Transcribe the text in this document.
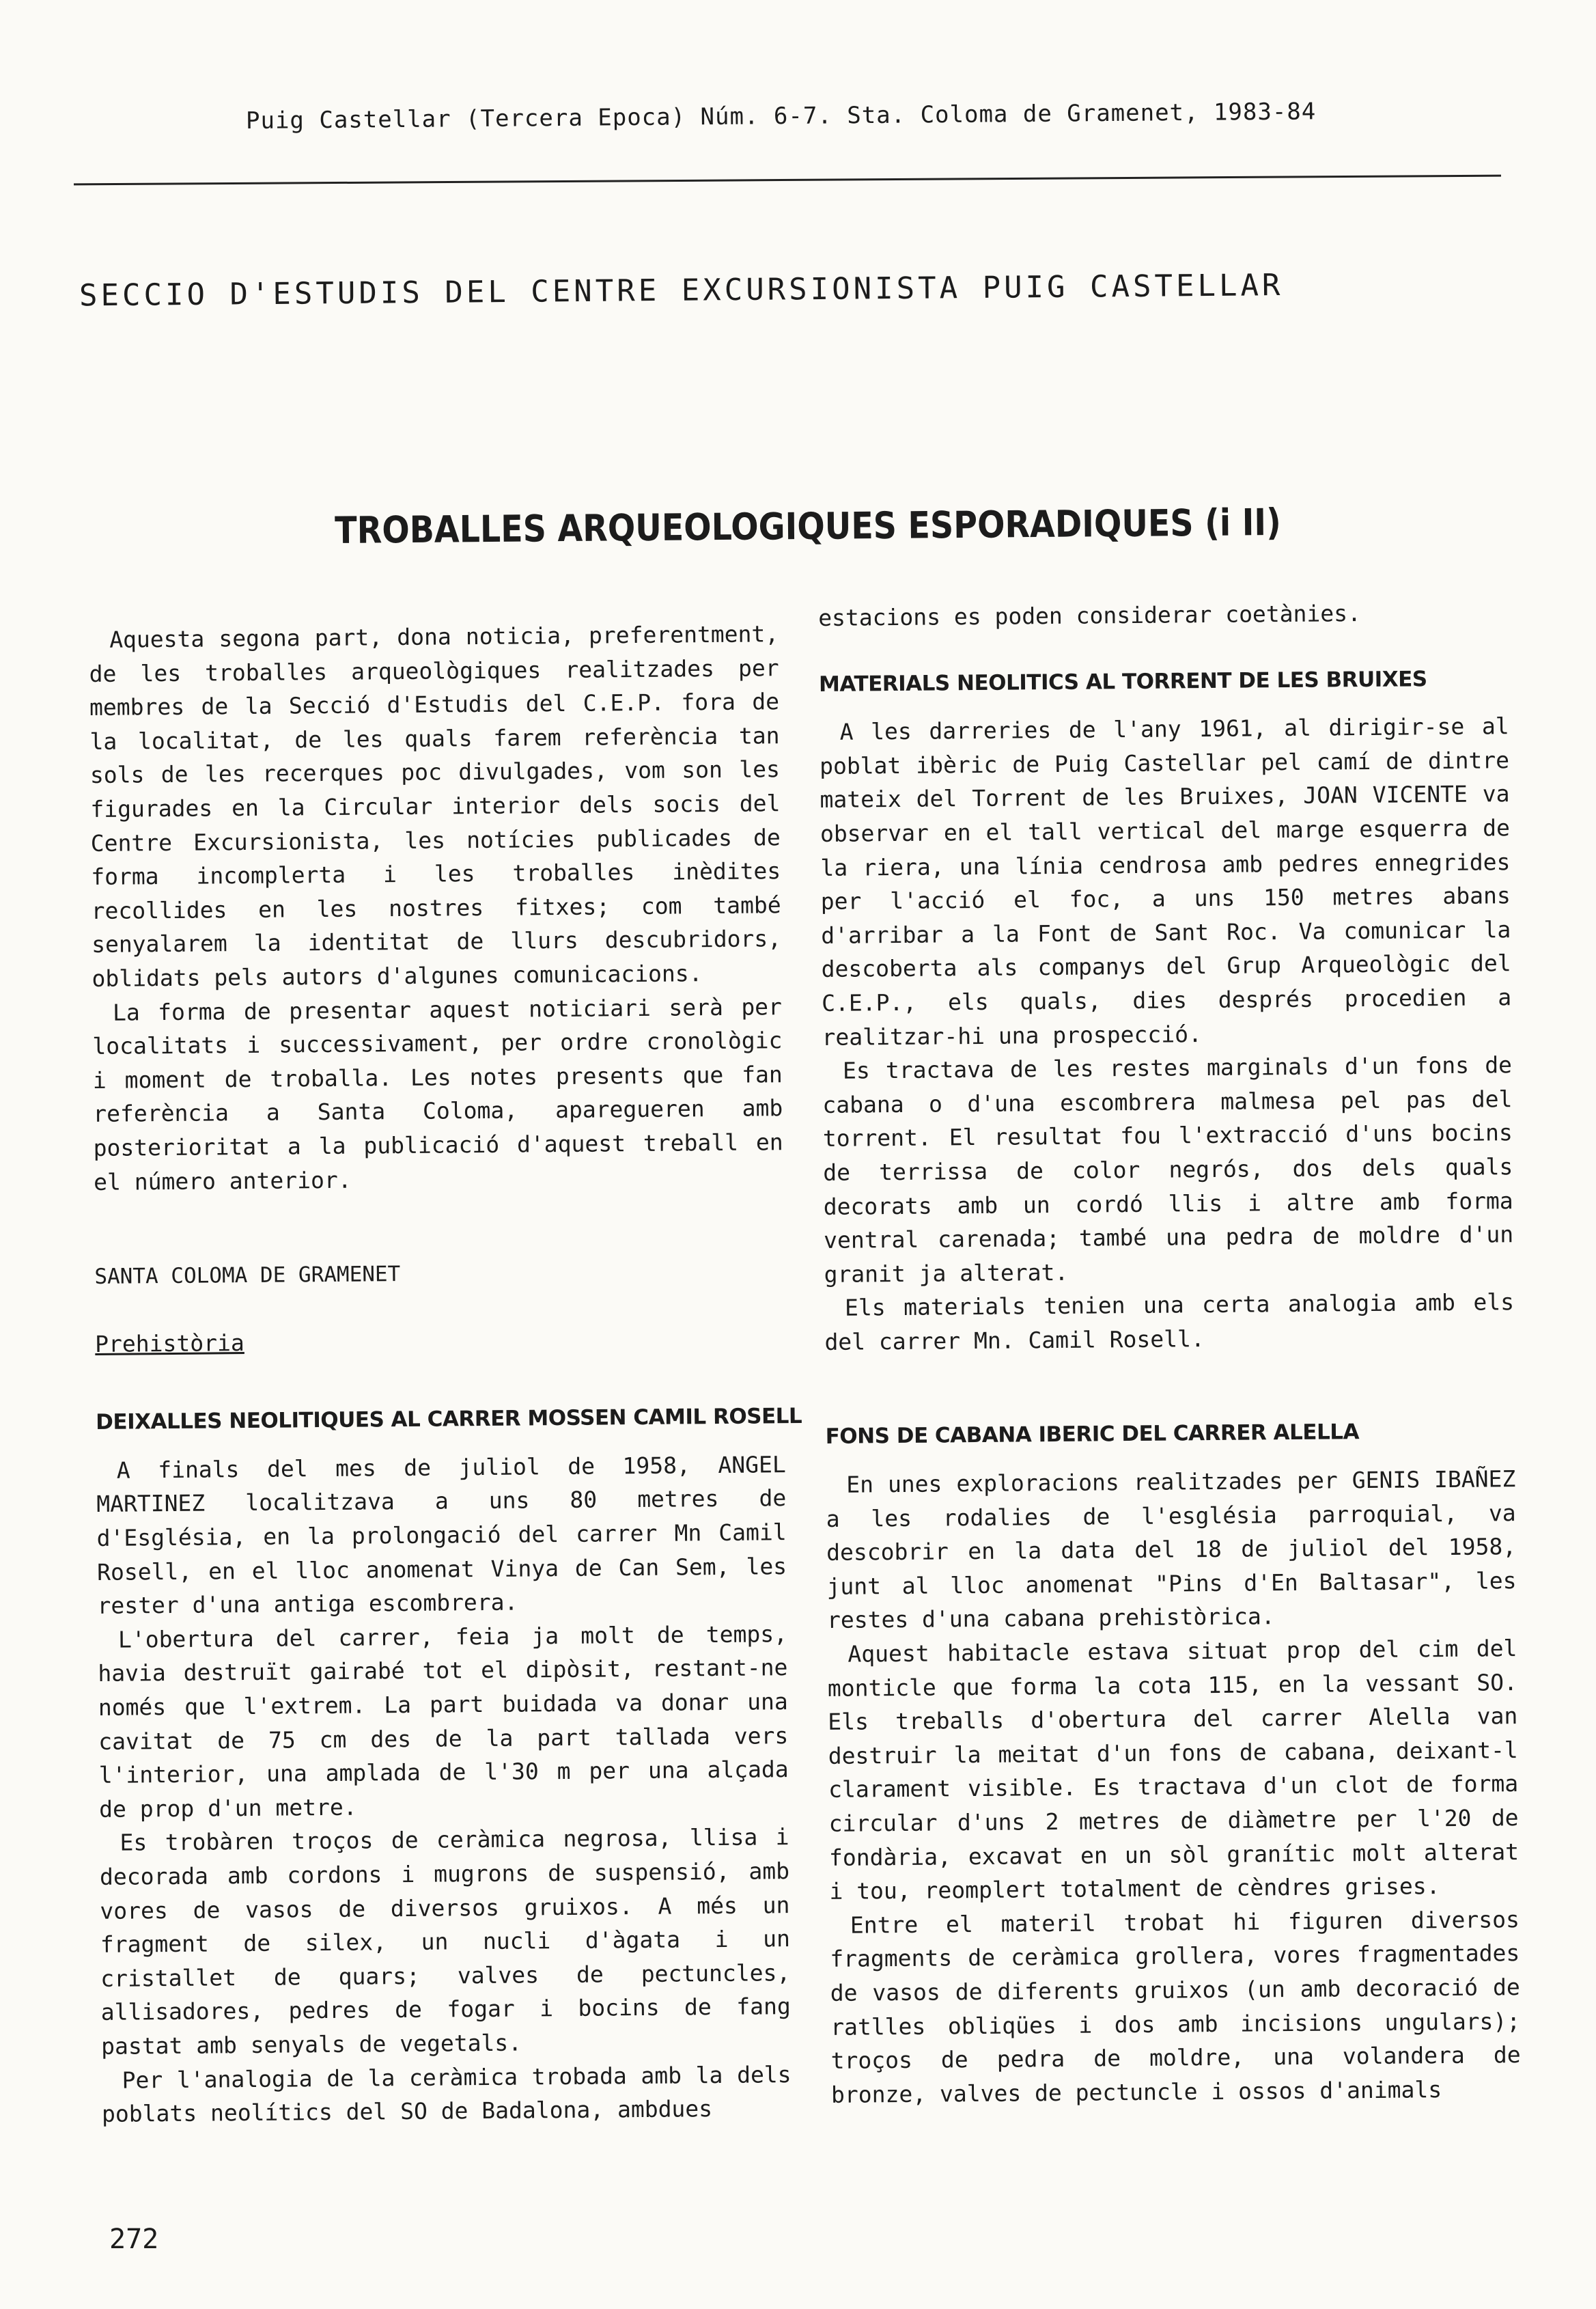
Puig Castellar (Tercera Epoca) Núm. 6-7. Sta. Coloma de Gramenet, 1983-84
SECCIO D'ESTUDIS DEL CENTRE EXCURSIONISTA PUIG CASTELLAR
TROBALLES ARQUEOLOGIQUES ESPORADIQUES (i II)

Aquesta segona part, dona noticia, preferentment, de les troballes arqueològiques realitzades per membres de la Secció d'Estudis del C.E.P. fora de la localitat, de les quals farem referència tan sols de les recerques poc divulgades, vom son les figurades en la Circular interior dels socis del Centre Excursionista, les notícies publicades de forma incomplerta i les troballes inèdites recollides en les nostres fitxes; com també senyalarem la identitat de llurs descubridors, oblidats pels autors d'algunes comunicacions.

La forma de presentar aquest noticiari serà per localitats i successivament, per ordre cronològic i moment de troballa. Les notes presents que fan referència a Santa Coloma, aparegueren amb posterioritat a la publicació d'aquest treball en el número anterior.

SANTA COLOMA DE GRAMENET

Prehistòria

DEIXALLES NEOLITIQUES AL CARRER MOSSEN CAMIL ROSELL

A finals del mes de juliol de 1958, ANGEL MARTINEZ localitzava a uns 80 metres de d'Església, en la prolongació del carrer Mn Camil Rosell, en el lloc anomenat Vinya de Can Sem, les rester d'una antiga escombrera.

L'obertura del carrer, feia ja molt de temps, havia destruït gairabé tot el dipòsit, restant-ne només que l'extrem. La part buidada va donar una cavitat de 75 cm des de la part tallada vers l'interior, una amplada de l'30 m per una alçada de prop d'un metre.

Es trobàren troços de ceràmica negrosa, llisa i decorada amb cordons i mugrons de suspensió, amb vores de vasos de diversos gruixos. A més un fragment de silex, un nucli d'àgata i un cristallet de quars; valves de pectuncles, allisadores, pedres de fogar i bocins de fang pastat amb senyals de vegetals.

Per l'analogia de la ceràmica trobada amb la dels poblats neolítics del SO de Badalona, ambdues

estacions es poden considerar coetànies.

MATERIALS NEOLITICS AL TORRENT DE LES BRUIXES

A les darreries de l'any 1961, al dirigir-se al poblat ibèric de Puig Castellar pel camí de dintre mateix del Torrent de les Bruixes, JOAN VICENTE va observar en el tall vertical del marge esquerra de la riera, una línia cendrosa amb pedres ennegrides per l'acció el foc, a uns 150 metres abans d'arribar a la Font de Sant Roc. Va comunicar la descoberta als companys del Grup Arqueològic del C.E.P., els quals, dies després procedien a realitzar-hi una prospecció.

Es tractava de les restes marginals d'un fons de cabana o d'una escombrera malmesa pel pas del torrent. El resultat fou l'extracció d'uns bocins de terrissa de color negrós, dos dels quals decorats amb un cordó llis i altre amb forma ventral carenada; també una pedra de moldre d'un granit ja alterat.

Els materials tenien una certa analogia amb els del carrer Mn. Camil Rosell.

FONS DE CABANA IBERIC DEL CARRER ALELLA

En unes exploracions realitzades per GENIS IBAÑEZ a les rodalies de l'església parroquial, va descobrir en la data del 18 de juliol del 1958, junt al lloc anomenat "Pins d'En Baltasar", les restes d'una cabana prehistòrica.

Aquest habitacle estava situat prop del cim del monticle que forma la cota 115, en la vessant SO. Els treballs d'obertura del carrer Alella van destruir la meitat d'un fons de cabana, deixant-l clarament visible. Es tractava d'un clot de forma circular d'uns 2 metres de diàmetre per l'20 de fondària, excavat en un sòl granític molt alterat i tou, reomplert totalment de cèndres grises.

Entre el materil trobat hi figuren diversos fragments de ceràmica grollera, vores fragmentades de vasos de diferents gruixos (un amb decoració de ratlles obliqües i dos amb incisions ungulars); troços de pedra de moldre, una volandera de bronze, valves de pectuncle i ossos d'animals

272
